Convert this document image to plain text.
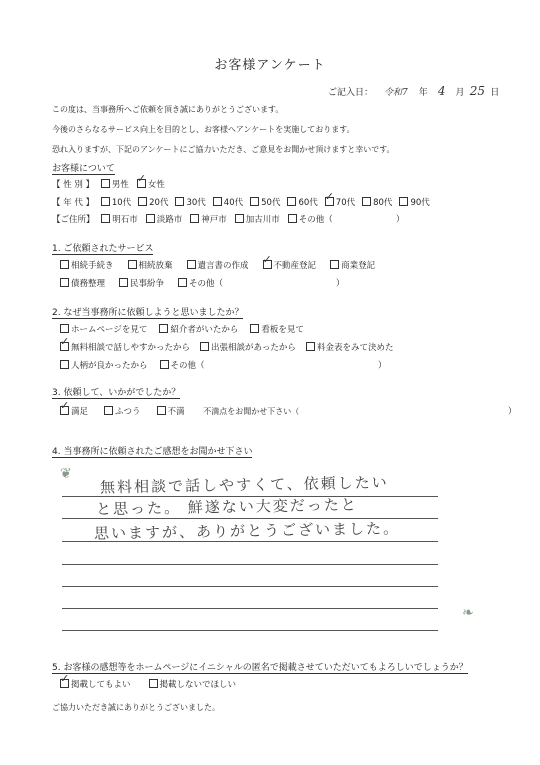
お客様アンケート
ご記入日： 令和7 年 4 月 25 日
この度は、当事務所へご依頼を頂き誠にありがとうございます。
今後のさらなるサービス向上を目的とし、お客様へアンケートを実施しております。
恐れ入りますが、下記のアンケートにご協力いただき、ご意見をお聞かせ頂けますと幸いです。
お客様について
【 性 別 】 男性 ✓ 女性
【 年 代 】 10代 20代 30代 40代 50代 60代 ✓ 70代 80代 90代
【ご住所】 明石市 淡路市 神戸市 加古川市 その他（	）
1. ご依頼されたサービス
相続手続き	相続放棄	遺言書の作成 ✓	不動産登記	商業登記
債務整理	民事紛争	その他（	）
2. なぜ当事務所に依頼しようと思いましたか？
ホームページを見て	紹介者がいたから	看板を見て
✓無料相談で話しやすかったから 出張相談があったから 料金表をみて決めた
人柄が良かったから	その他（	）
3. 依頼して、いかがでしたか？
✓満足	ふつう	不満 不満点をお聞かせ下さい（	）
4. 当事務所に依頼されたご感想をお聞かせ下さい
❦ 無料相談で話しやすくて、依頼したい
と思った。 鮮遂ない大変だったと
思いますが、ありがとうございました。
❧
5. お客様の感想等をホームページにイニシャルの匿名で掲載させていただいてもよろしいでしょうか？
✓掲載してもよい	掲載しないでほしい
ご協力いただき誠にありがとうございました。
